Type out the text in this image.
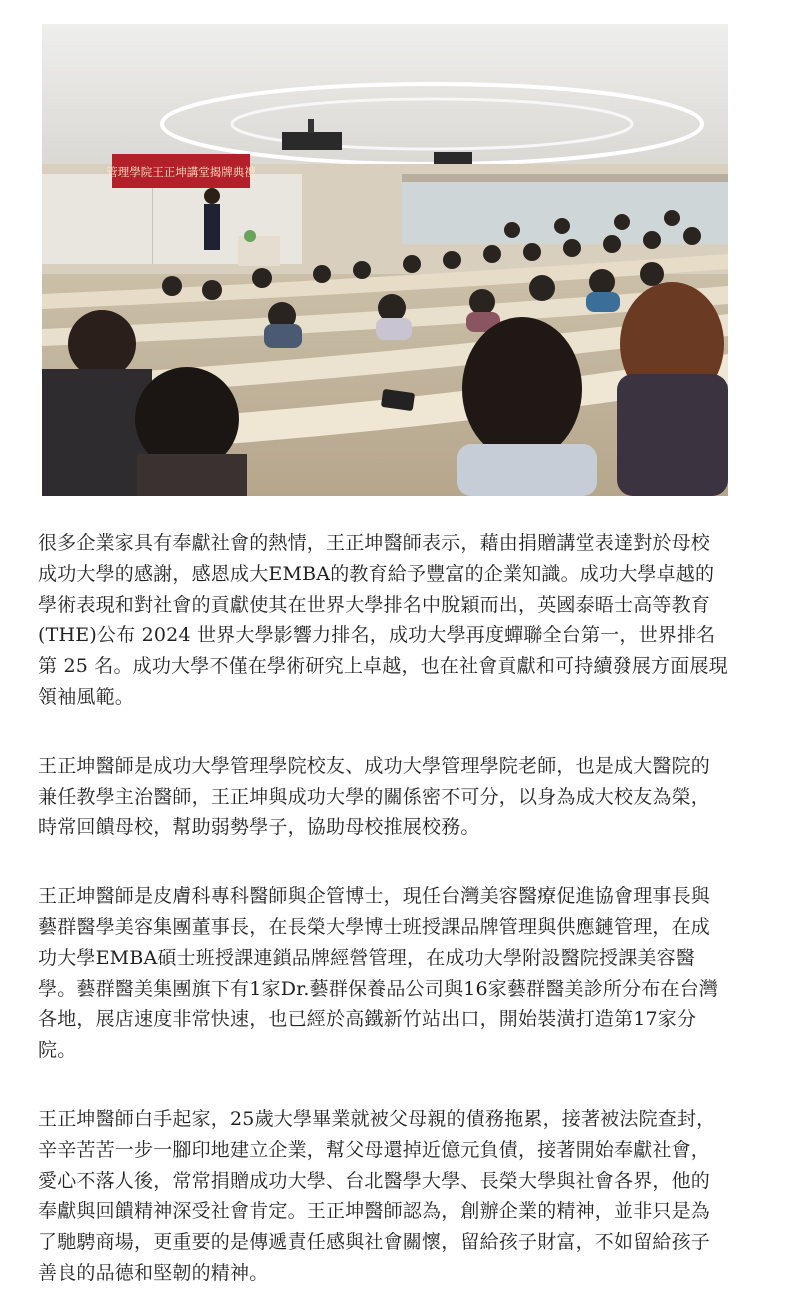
管理學院王正坤講堂揭牌典禮

很多企業家具有奉獻社會的熱情，王正坤醫師表示，藉由捐贈講堂表達對於母校成功大學的感謝，感恩成大EMBA的教育給予豐富的企業知識。成功大學卓越的學術表現和對社會的貢獻使其在世界大學排名中脫穎而出，英國泰晤士高等教育(THE)公布 2024 世界大學影響力排名，成功大學再度蟬聯全台第一，世界排名第 25 名。成功大學不僅在學術研究上卓越，也在社會貢獻和可持續發展方面展現領袖風範。

王正坤醫師是成功大學管理學院校友、成功大學管理學院老師，也是成大醫院的兼任教學主治醫師，王正坤與成功大學的關係密不可分，以身為成大校友為榮，時常回饋母校，幫助弱勢學子，協助母校推展校務。

王正坤醫師是皮膚科專科醫師與企管博士，現任台灣美容醫療促進協會理事長與藝群醫學美容集團董事長，在長榮大學博士班授課品牌管理與供應鏈管理，在成功大學EMBA碩士班授課連鎖品牌經營管理，在成功大學附設醫院授課美容醫學。藝群醫美集團旗下有1家Dr.藝群保養品公司與16家藝群醫美診所分布在台灣各地，展店速度非常快速，也已經於高鐵新竹站出口，開始裝潢打造第17家分院。

王正坤醫師白手起家，25歲大學畢業就被父母親的債務拖累，接著被法院查封，辛辛苦苦一步一腳印地建立企業，幫父母還掉近億元負債，接著開始奉獻社會，愛心不落人後，常常捐贈成功大學、台北醫學大學、長榮大學與社會各界，他的奉獻與回饋精神深受社會肯定。王正坤醫師認為，創辦企業的精神，並非只是為了馳騁商場，更重要的是傳遞責任感與社會關懷，留給孩子財富，不如留給孩子善良的品德和堅韌的精神。
